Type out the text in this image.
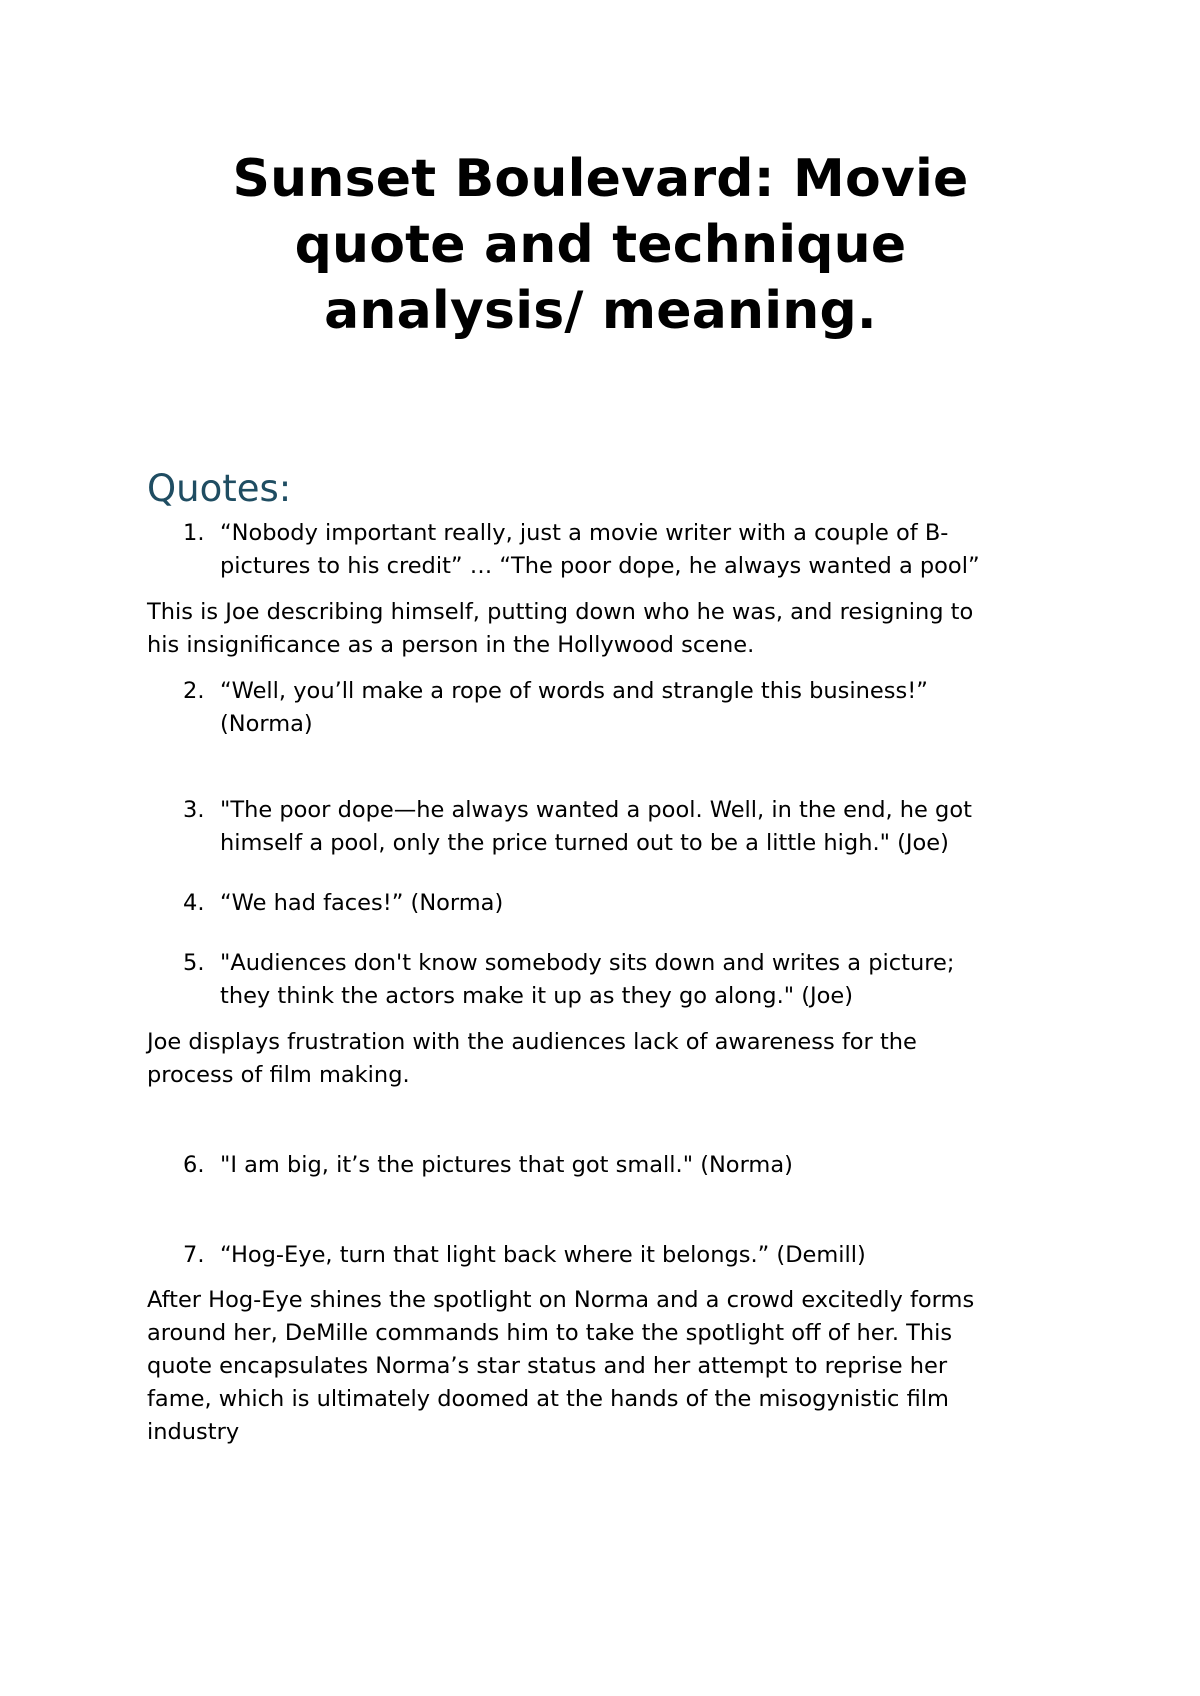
Sunset Boulevard: Movie
quote and technique
analysis/ meaning.
Quotes:
1. “Nobody important really, just a movie writer with a couple of B-
pictures to his credit” … “The poor dope, he always wanted a pool”
This is Joe describing himself, putting down who he was, and resigning to
his insignificance as a person in the Hollywood scene.
2. “Well, you’ll make a rope of words and strangle this business!”
(Norma)
3. "The poor dope—he always wanted a pool. Well, in the end, he got
himself a pool, only the price turned out to be a little high." (Joe)
4. “We had faces!” (Norma)
5. "Audiences don't know somebody sits down and writes a picture;
they think the actors make it up as they go along." (Joe)
Joe displays frustration with the audiences lack of awareness for the
process of film making.
6. "I am big, it’s the pictures that got small." (Norma)
7. “Hog-Eye, turn that light back where it belongs.” (Demill)
After Hog-Eye shines the spotlight on Norma and a crowd excitedly forms
around her, DeMille commands him to take the spotlight off of her. This
quote encapsulates Norma’s star status and her attempt to reprise her
fame, which is ultimately doomed at the hands of the misogynistic film
industry
